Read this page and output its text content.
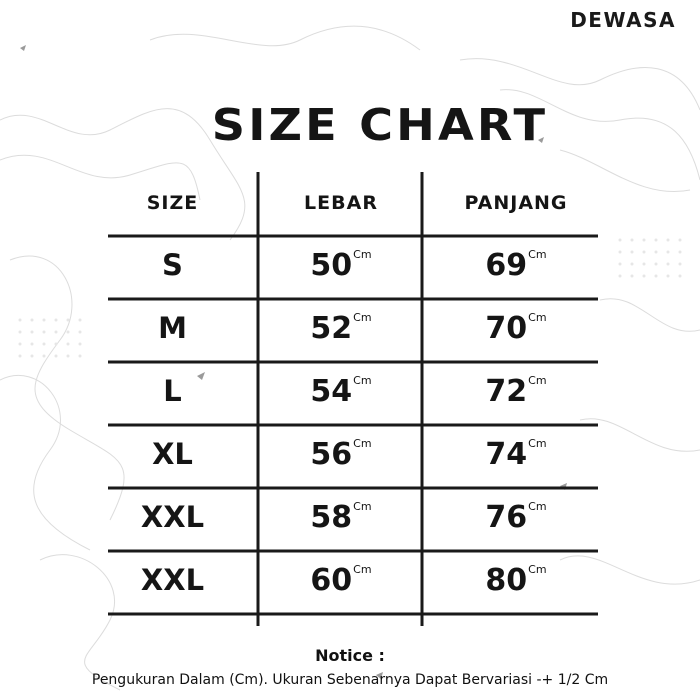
DEWASA
SIZE CHART
SIZE	LEBAR	PANJANG
S	$50^{Cm}$	$69^{Cm}$
M	$52^{Cm}$	$70^{Cm}$
L	$54^{Cm}$	$72^{Cm}$
XL	$56^{Cm}$	$74^{Cm}$
XXL	$58^{Cm}$	$76^{Cm}$
XXL	$60^{Cm}$	$80^{Cm}$
Notice :
Pengukuran Dalam (Cm). Ukuran Sebenarnya Dapat Bervariasi -+ 1/2 Cm
